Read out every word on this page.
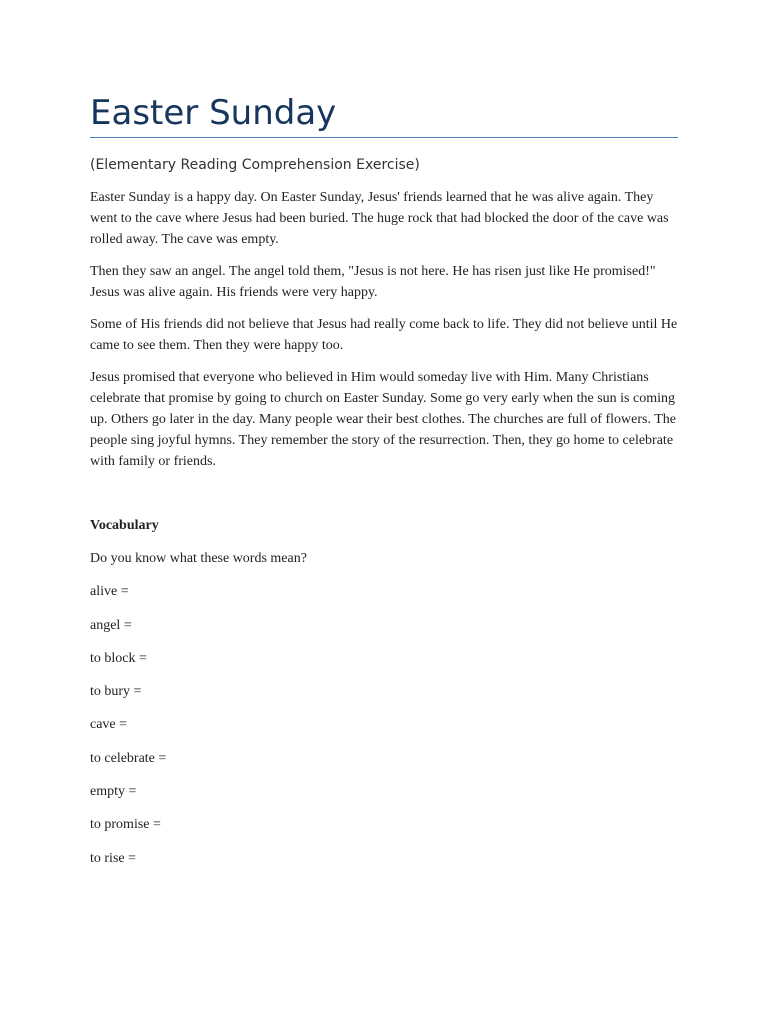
Easter Sunday

(Elementary Reading Comprehension Exercise)

Easter Sunday is a happy day. On Easter Sunday, Jesus' friends learned that he was alive again. They went to the cave where Jesus had been buried. The huge rock that had blocked the door of the cave was rolled away. The cave was empty.

Then they saw an angel. The angel told them, "Jesus is not here. He has risen just like He promised!" Jesus was alive again. His friends were very happy.

Some of His friends did not believe that Jesus had really come back to life. They did not believe until He came to see them. Then they were happy too.

Jesus promised that everyone who believed in Him would someday live with Him. Many Christians celebrate that promise by going to church on Easter Sunday. Some go very early when the sun is coming up. Others go later in the day. Many people wear their best clothes. The churches are full of flowers. The people sing joyful hymns. They remember the story of the resurrection. Then, they go home to celebrate with family or friends.

Vocabulary
Do you know what these words mean?
alive =
angel =
to block =
to bury =
cave =
to celebrate =
empty =
to promise =
to rise =
